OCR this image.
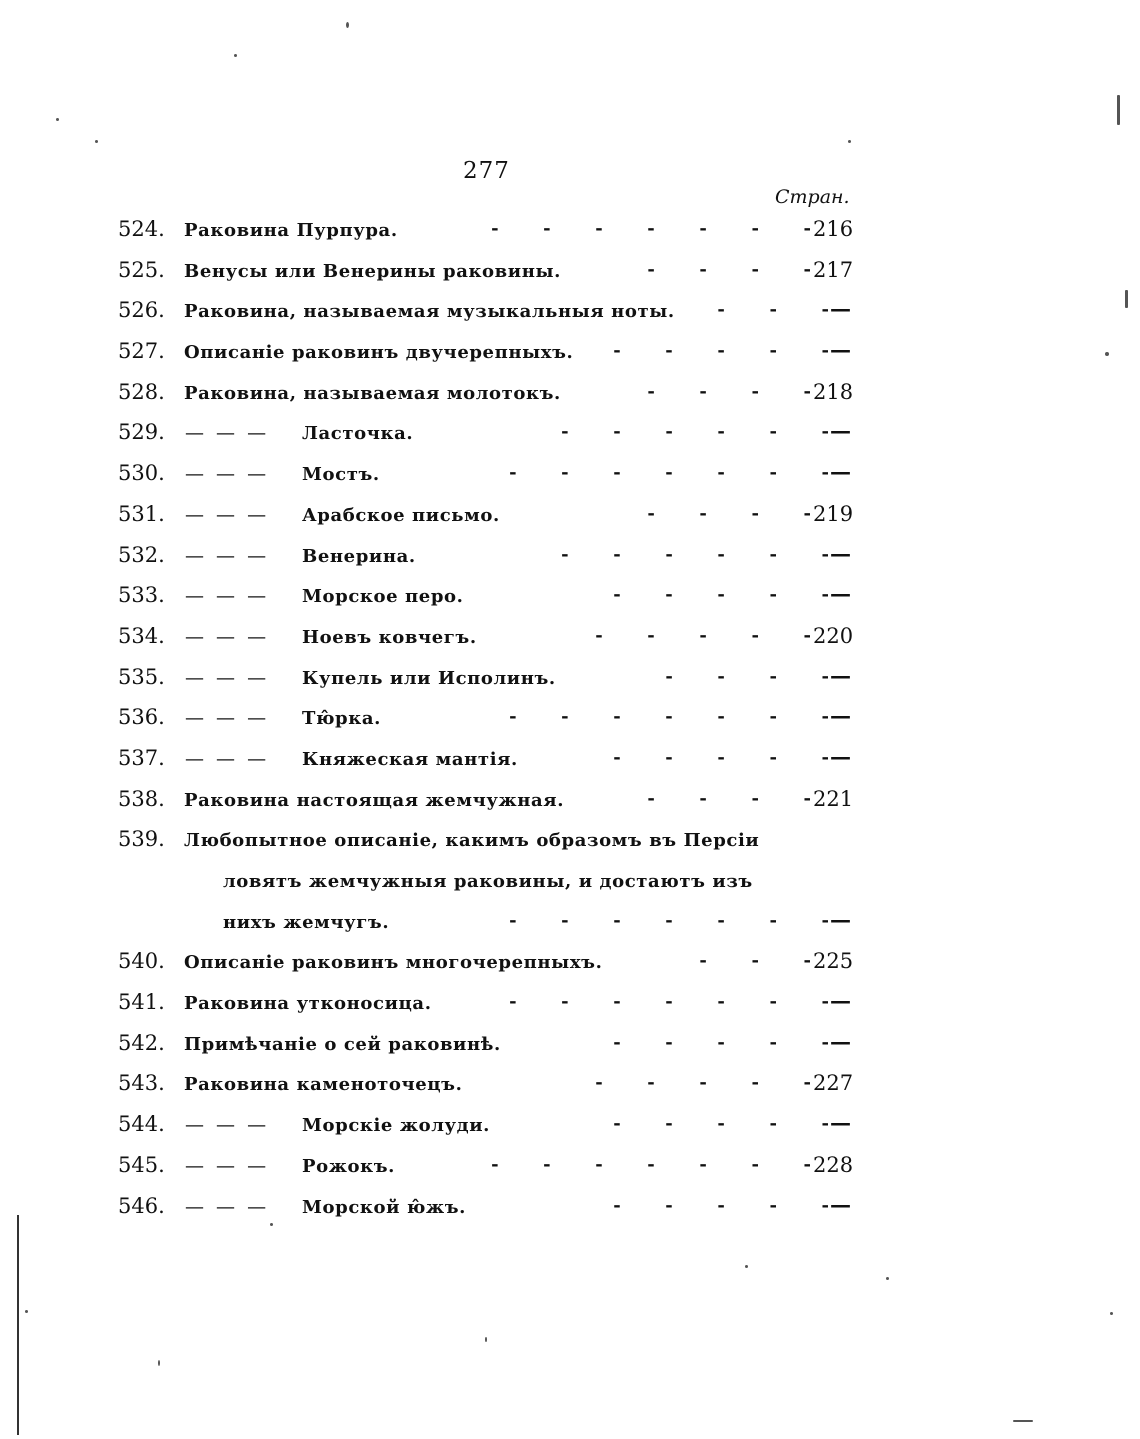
277
Стран.
524. Раковина Пурпура.	-      -      -      -      -      -      - 216
525. Венусы или Венерины раковины.	-      -      -      - 217
526. Раковина, называемая музыкальныя ноты. -      -      - —
527. Описаніе раковинъ двучерепныхъ. -      -      -      -      - —
528. Раковина, называемая молотокъ.	-      -      -      - 218
529. — — — Ласточка.	-      -      -      -      -      - —
530. — — — Мостъ.	-      -      -      -      -      -      - —
531. — — — Арабское письмо.	-      -      -      - 219
532. — — — Венерина.	-      -      -      -      -      - —
533. — — — Морское перо.	-      -      -      -      - —
534. — — — Ноевъ ковчегъ.	-      -      -      -      - 220
535. — — — Купель или Исполинъ.	-      -      -      - —
536. — — — Тю̂рка.	-      -      -      -      -      -      - —
537. — — — Княжеская мантія.	-      -      -      -      - —
538. Раковина настоящая жемчужная.	-      -      -      - 221
539. Любопытное описаніе, какимъ образомъ въ Персіи
ловятъ жемчужныя раковины, и достаютъ изъ
нихъ жемчугъ.	-      -      -      -      -      -      - —
540. Описаніе раковинъ многочерепныхъ.	-      -      - 225
541. Раковина утконосица.	-      -      -      -      -      -      - —
542. Примѣчаніе о сей раковинѣ.	-      -      -      -      - —
543. Раковина каменоточецъ.	-      -      -      -      - 227
544. — — — Морскіе жолуди.	-      -      -      -      - —
545. — — — Рожокъ.	-      -      -      -      -      -      - 228
546. — — — Морской ю̂жъ.	-      -      -      -      - —
